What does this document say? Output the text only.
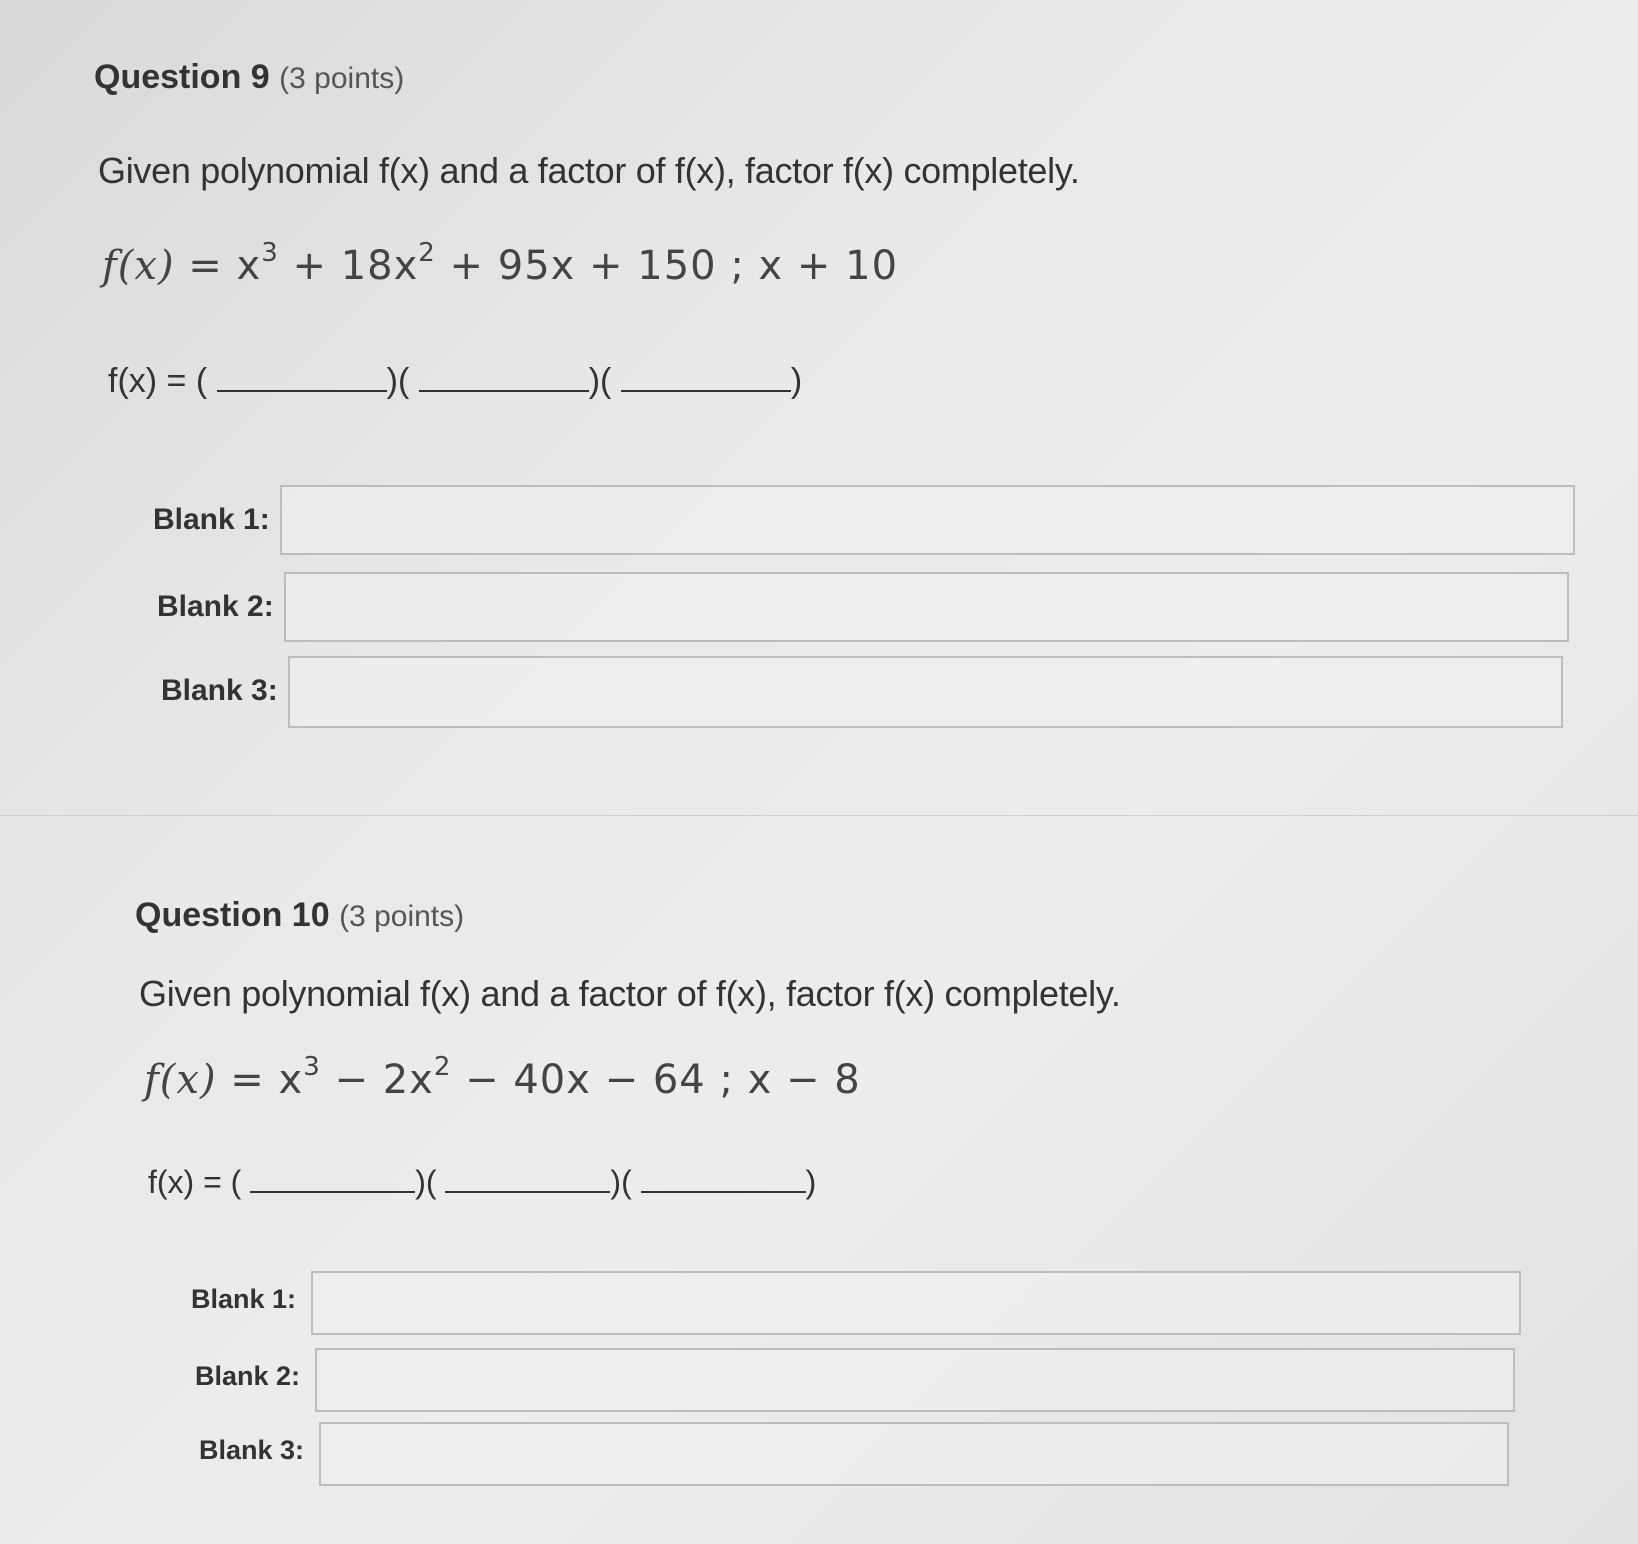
Question 9 (3 points)
Given polynomial f(x) and a factor of f(x), factor f(x) completely.
$f(x) = x^3 + 18x^2 + 95x + 150$ ; x + 10
f(x) = (	)(	)(	)
Blank 1:
Blank 2:
Blank 3:
Question 10 (3 points)
Given polynomial f(x) and a factor of f(x), factor f(x) completely.
$f(x) = x^3 - 2x^2 - 40x - 64$ ; x − 8
f(x) = (	)(	)(	)
Blank 1:
Blank 2:
Blank 3:
